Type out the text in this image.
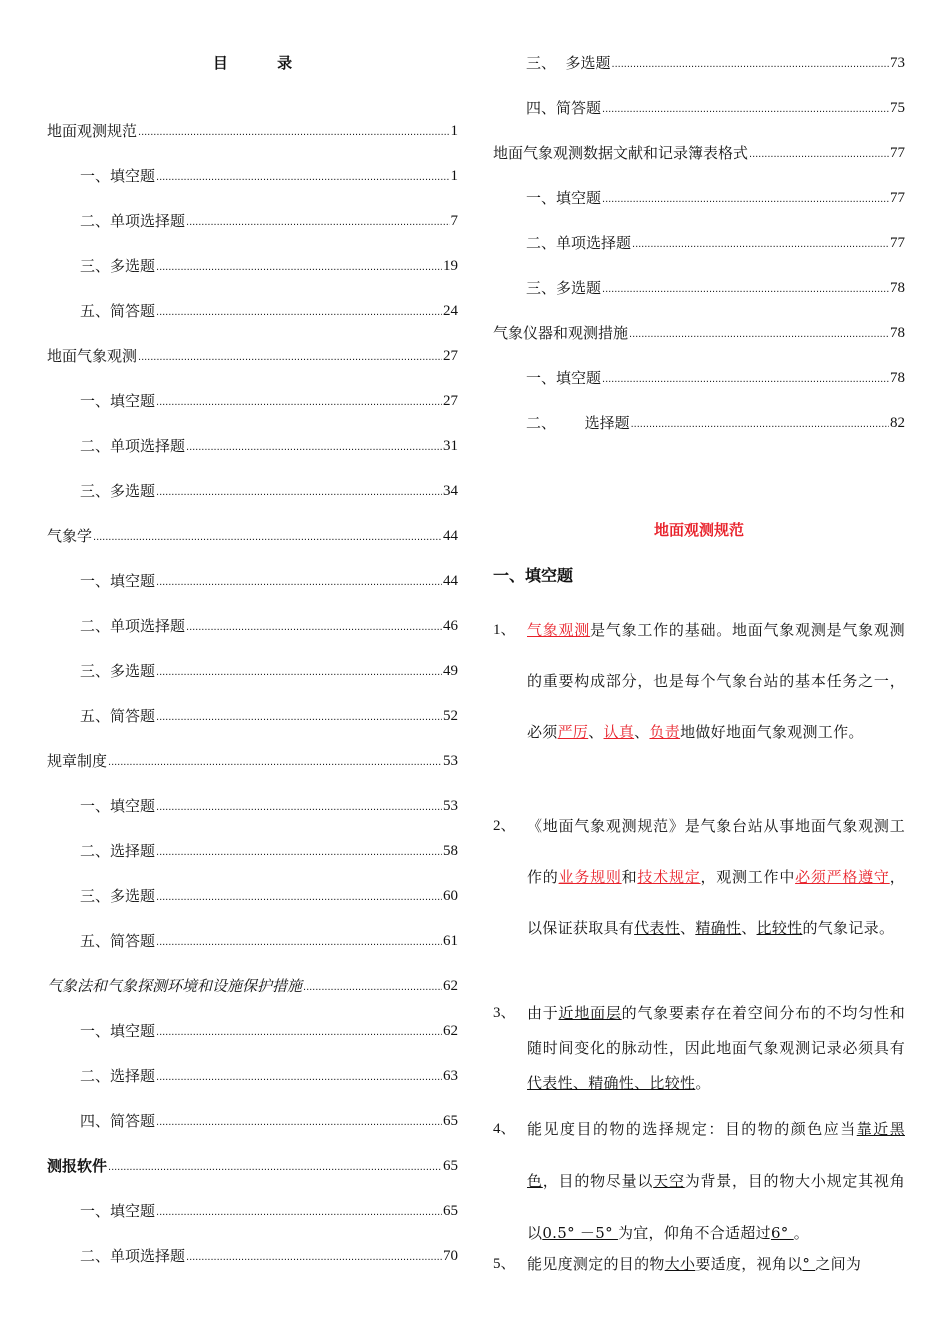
目 录
地面观测规范 .....	1
一、填空题 .....	1
二、单项选择题 .....	7
三、多选题 .....	19
五、简答题 .....	24
地面气象观测 .....	27
一、填空题 .....	27
二、单项选择题 .....	31
三、多选题 .....	34
气象学 .....	44
一、填空题 .....	44
二、单项选择题 .....	46
三、多选题 .....	49
五、简答题 .....	52
规章制度 .....	53
一、填空题 .....	53
二、选择题 .....	58
三、多选题 .....	60
五、简答题 .....	61
气象法和气象探测环境和设施保护措施 .....	62
一、填空题 .....	62
二、选择题 .....	63
四、简答题 .....	65
测报软件 .....	65
一、填空题 .....	65
二、单项选择题 .....	70
三、  多选题 .....	73
四、简答题 .....	75
地面气象观测数据文献和记录簿表格式 .....	77
一、填空题 .....	77
二、单项选择题 .....	77
三、多选题 .....	78
气象仪器和观测措施 .....	78
一、填空题 .....	78
二、      选择题 .....	82
地面观测规范
一、填空题
1、 气象观测是气象工作的基础。地面气象观测是气象观测的重要构成部分，也是每个气象台站的基本任务之一，必须严厉、认真、负责地做好地面气象观测工作。
2、 《地面气象观测规范》是气象台站从事地面气象观测工作的业务规则和技术规定，观测工作中必须严格遵守，以保证获取具有代表性、精确性、比较性的气象记录。
3、 由于近地面层的气象要素存在着空间分布的不均匀性和随时间变化的脉动性，因此地面气象观测记录必须具有代表性、精确性、比较性。
4、 能见度目的物的选择规定：目的物的颜色应当靠近黑色，目的物尽量以天空为背景，目的物大小规定其视角以0.5° －5° 为宜，仰角不合适超过6° 。
5、 能见度测定的目的物大小要适度，视角以° 之间为
